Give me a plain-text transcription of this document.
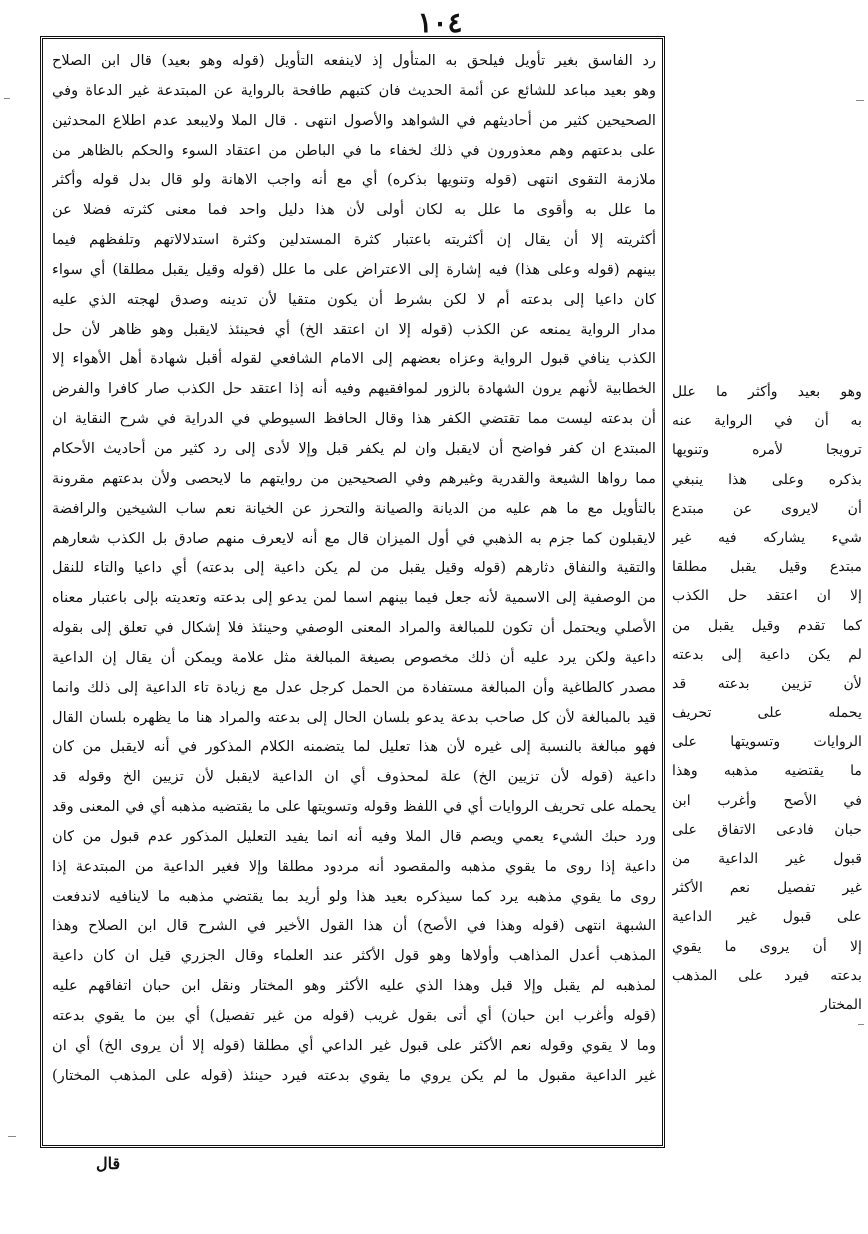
١٠٤
رد الفاسق بغير تأويل فيلحق به المتأول إذ لاينفعه التأويل (قوله وهو بعيد) قال ابن الصلاح
وهو بعيد مباعد للشائع عن أئمة الحديث فان كتبهم طافحة بالرواية عن المبتدعة غير الدعاة وفي
الصحيحين كثير من أحاديثهم في الشواهد والأصول انتهى . قال الملا ولايبعد عدم اطلاع المحدثين
على بدعتهم وهم معذورون في ذلك لخفاء ما في الباطن من اعتقاد السوء والحكم بالظاهر من
ملازمة التقوى انتهى (قوله وتنويها بذكره) أي مع أنه واجب الاهانة ولو قال بدل قوله وأكثر
ما علل به وأقوى ما علل به لكان أولى لأن هذا دليل واحد فما معنى كثرته فضلا عن
أكثريته إلا أن يقال إن أكثريته باعتبار كثرة المستدلين وكثرة استدلالاتهم وتلفظهم فيما
بينهم (قوله وعلى هذا) فيه إشارة إلى الاعتراض على ما علل (قوله وقيل يقبل مطلقا) أي سواء
كان داعيا إلى بدعته أم لا لكن بشرط أن يكون متقيا لأن تدينه وصدق لهجته الذي عليه
مدار الرواية يمنعه عن الكذب (قوله إلا ان اعتقد الخ) أي فحينئذ لايقبل وهو ظاهر لأن حل
الكذب ينافي قبول الرواية وعزاه بعضهم إلى الامام الشافعي لقوله أقبل شهادة أهل الأهواء إلا
الخطابية لأنهم يرون الشهادة بالزور لموافقيهم وفيه أنه إذا اعتقد حل الكذب صار كافرا والفرض
أن بدعته ليست مما تقتضي الكفر هذا وقال الحافظ السيوطي في الدراية في شرح النقاية ان
المبتدع ان كفر فواضح أن لايقبل وان لم يكفر قبل وإلا لأدى إلى رد كثير من أحاديث الأحكام
مما رواها الشيعة والقدرية وغيرهم وفي الصحيحين من روايتهم ما لايحصى ولأن بدعتهم مقرونة
بالتأويل مع ما هم عليه من الديانة والصيانة والتحرز عن الخيانة نعم ساب الشيخين والرافضة
لايقبلون كما جزم به الذهبي في أول الميزان قال مع أنه لايعرف منهم صادق بل الكذب شعارهم
والتقية والنفاق دثارهم (قوله وقيل يقبل من لم يكن داعية إلى بدعته) أي داعيا والتاء للنقل
من الوصفية إلى الاسمية لأنه جعل فيما بينهم اسما لمن يدعو إلى بدعته وتعديته بإلى باعتبار معناه
الأصلي ويحتمل أن تكون للمبالغة والمراد المعنى الوصفي وحينئذ فلا إشكال في تعلق إلى بقوله
داعية ولكن يرد عليه أن ذلك مخصوص بصيغة المبالغة مثل علامة ويمكن أن يقال إن الداعية
مصدر كالطاغية وأن المبالغة مستفادة من الحمل كرجل عدل مع زيادة تاء الداعية إلى ذلك وانما
قيد بالمبالغة لأن كل صاحب بدعة يدعو بلسان الحال إلى بدعته والمراد هنا ما يظهره بلسان القال
فهو مبالغة بالنسبة إلى غيره لأن هذا تعليل لما يتضمنه الكلام المذكور في أنه لايقبل من كان
داعية (قوله لأن تزيين الخ) علة لمحذوف أي ان الداعية لايقبل لأن تزيين الخ وقوله قد
يحمله على تحريف الروايات أي في اللفظ وقوله وتسويتها على ما يقتضيه مذهبه أي في المعنى وقد
ورد حبك الشيء يعمي ويصم قال الملا وفيه أنه انما يفيد التعليل المذكور عدم قبول من كان
داعية إذا روى ما يقوي مذهبه والمقصود أنه مردود مطلقا وإلا فغير الداعية من المبتدعة إذا
روى ما يقوي مذهبه يرد كما سيذكره بعيد هذا ولو أريد بما يقتضي مذهبه ما لاينافيه لاندفعت
الشبهة انتهى (قوله وهذا في الأصح) أن هذا القول الأخير في الشرح قال ابن الصلاح وهذا
المذهب أعدل المذاهب وأولاها وهو قول الأكثر عند العلماء وقال الجزري قيل ان كان داعية
لمذهبه لم يقبل وإلا قبل وهذا الذي عليه الأكثر وهو المختار ونقل ابن حبان اتفاقهم عليه
(قوله وأغرب ابن حبان) أي أتى بقول غريب (قوله من غير تفصيل) أي بين ما يقوي بدعته
وما لا يقوي وقوله نعم الأكثر على قبول غير الداعي أي مطلقا (قوله إلا أن يروى الخ) أي ان
غير الداعية مقبول ما لم يكن يروي ما يقوي بدعته فيرد حينئذ (قوله على المذهب المختار)
وهو بعيد وأكثر ما علل
به أن في الرواية عنه
ترويجا لأمره وتنويها
بذكره وعلى هذا ينبغي
أن لايروى عن مبتدع
شيء يشاركه فيه غير
مبتدع وقيل يقبل مطلقا
إلا ان اعتقد حل الكذب
كما تقدم وقيل يقبل من
لم يكن داعية إلى بدعته
لأن تزيين بدعته قد
يحمله على تحريف
الروايات وتسويتها على
ما يقتضيه مذهبه وهذا
في الأصح وأغرب ابن
حبان فادعى الاتفاق على
قبول غير الداعية من
غير تفصيل نعم الأكثر
على قبول غير الداعية
إلا أن يروى ما يقوي
بدعته فيرد على المذهب
المختار
قال
